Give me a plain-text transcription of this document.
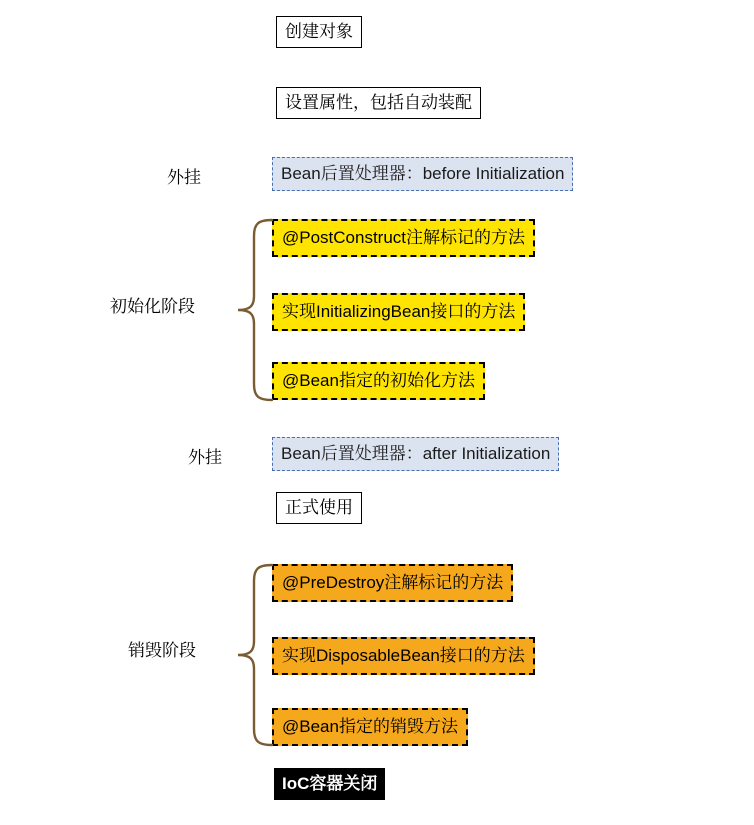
创建对象
设置属性，包括自动装配
Bean后置处理器：before Initialization
@PostConstruct注解标记的方法
实现InitializingBean接口的方法
@Bean指定的初始化方法
Bean后置处理器：after Initialization
正式使用
@PreDestroy注解标记的方法
实现DisposableBean接口的方法
@Bean指定的销毁方法
IoC容器关闭
外挂
初始化阶段
外挂
销毁阶段
